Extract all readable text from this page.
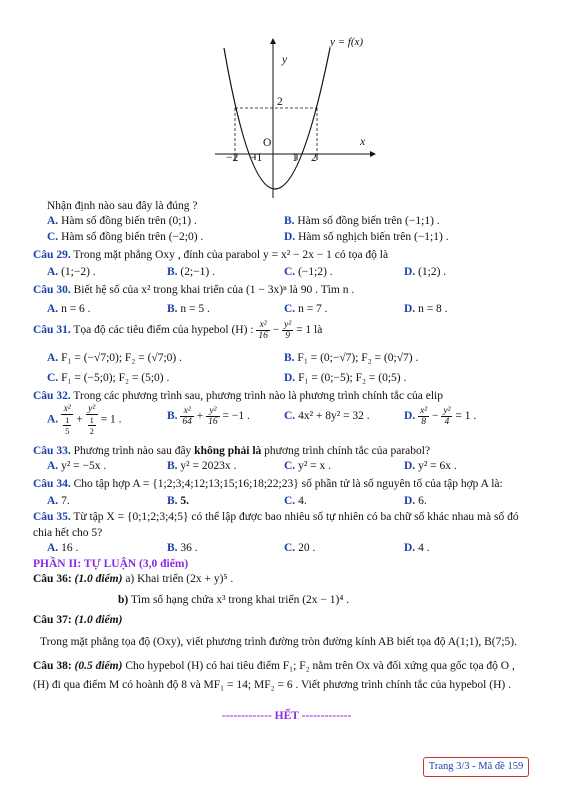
y = f(x)
y
x
O
2
−2 −1	1 2
Nhận định nào sau đây là đúng ?
A. Hàm số đồng biến trên (0;1) .	B. Hàm số đồng biến trên (−1;1) .
C. Hàm số đồng biến trên (−2;0) .	D. Hàm số nghịch biến trên (−1;1) .
Câu 29. Trong mặt phẳng Oxy , đỉnh của parabol y = x² − 2x − 1 có tọa độ là
A. (1;−2) .	B. (2;−1) .	C. (−1;2) .	D. (1;2) .
Câu 30. Biết hệ số của x² trong khai triển của (1 − 3x)ⁿ là 90 . Tìm n .
A. n = 6 .	B. n = 5 .	C. n = 7 .	D. n = 8 .
Câu 31. Tọa độ các tiêu điểm của hypebol (H) : $\frac{\text{x²}}{16} - \frac{\text{y²}}{9} = 1$ là
A. F₁ = (−√7;0); F₂ = (√7;0) .	B. F₁ = (0;−√7); F₂ = (0;√7) .
C. F₁ = (−5;0); F₂ = (5;0) .	D. F₁ = (0;−5); F₂ = (0;5) .
Câu 32. Trong các phương trình sau, phương trình nào là phương trình chính tắc của elip
A. $\frac{\text{x²}}{\frac{1}{5}} + \frac{\text{y²}}{\frac{1}{2}} = 1$ .	B. $\frac{\text{x²}}{64} + \frac{\text{y²}}{16} = -1$ .	C. 4x² + 8y² = 32 .	D. $\frac{\text{x²}}{8} - \frac{\text{y²}}{4} = 1$ .
Câu 33. Phương trình nào sau đây không phải là phương trình chính tắc của parabol?
A. y² = −5x .	B. y² = 2023x .	C. y² = x .	D. y² = 6x .
Câu 34. Cho tập hợp A = {1;2;3;4;12;13;15;16;18;22;23} số phần tử là số nguyên tố của tập hợp A là:
A. 7.	B. 5.	C. 4.	D. 6.
Câu 35. Từ tập X = {0;1;2;3;4;5} có thể lập được bao nhiêu số tự nhiên có ba chữ số khác nhau mà số đó
chia hết cho 5?
A. 16 .	B. 36 .	C. 20 .	D. 4 .
PHẦN II: TỰ LUẬN (3,0 điểm)
Câu 36: (1.0 điểm) a) Khai triển (2x + y)⁵ .
b) Tìm số hạng chứa x³ trong khai triển (2x − 1)⁴ .
Câu 37: (1.0 điểm)
Trong mặt phẳng tọa độ (Oxy), viết phương trình đường tròn đường kính AB biết tọa độ A(1;1), B(7;5).
Câu 38: (0.5 điểm) Cho hypebol (H) có hai tiêu điểm F₁; F₂ nằm trên Ox và đối xứng qua gốc tọa độ O ,
(H) đi qua điểm M có hoành độ 8 và MF₁ = 14; MF₂ = 6 . Viết phương trình chính tắc của hypebol (H) .
------------- HẾT -------------
Trang 3/3 - Mã đề 159
